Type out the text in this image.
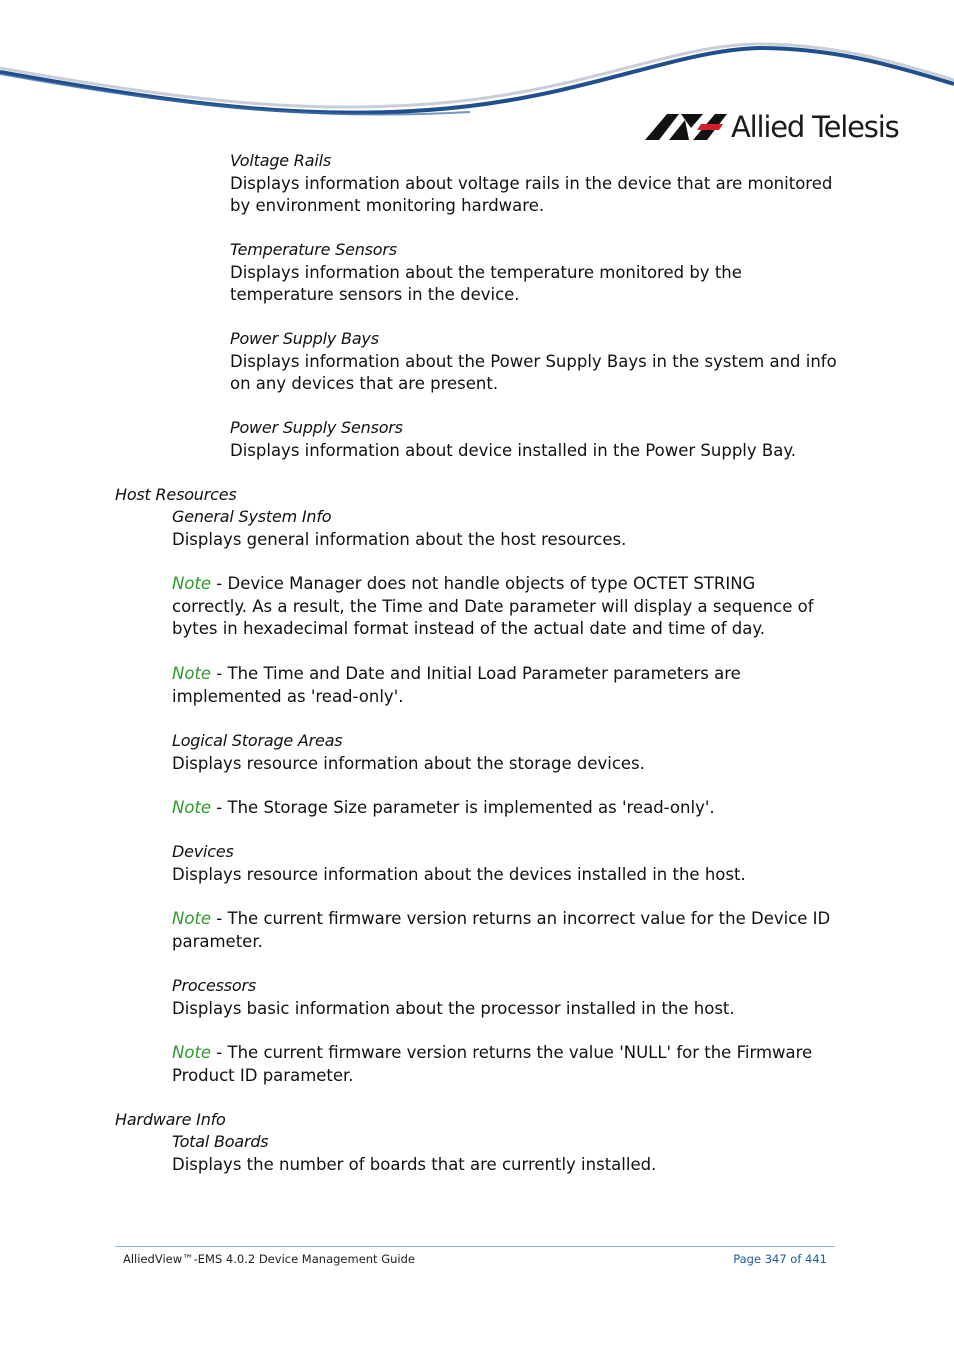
Allied Telesis
Voltage Rails
Displays information about voltage rails in the device that are monitored by environment monitoring hardware.
Temperature Sensors
Displays information about the temperature monitored by the temperature sensors in the device.
Power Supply Bays
Displays information about the Power Supply Bays in the system and info on any devices that are present.
Power Supply Sensors
Displays information about device installed in the Power Supply Bay.
Host Resources
General System Info
Displays general information about the host resources.
Note - Device Manager does not handle objects of type OCTET STRING correctly. As a result, the Time and Date parameter will display a sequence of bytes in hexadecimal format instead of the actual date and time of day.
Note - The Time and Date and Initial Load Parameter parameters are implemented as 'read-only'.
Logical Storage Areas
Displays resource information about the storage devices.
Note - The Storage Size parameter is implemented as 'read-only'.
Devices
Displays resource information about the devices installed in the host.
Note - The current firmware version returns an incorrect value for the Device ID parameter.
Processors
Displays basic information about the processor installed in the host.
Note - The current firmware version returns the value 'NULL' for the Firmware Product ID parameter.
Hardware Info
Total Boards
Displays the number of boards that are currently installed.
AlliedView™-EMS 4.0.2 Device Management Guide	Page 347 of 441
